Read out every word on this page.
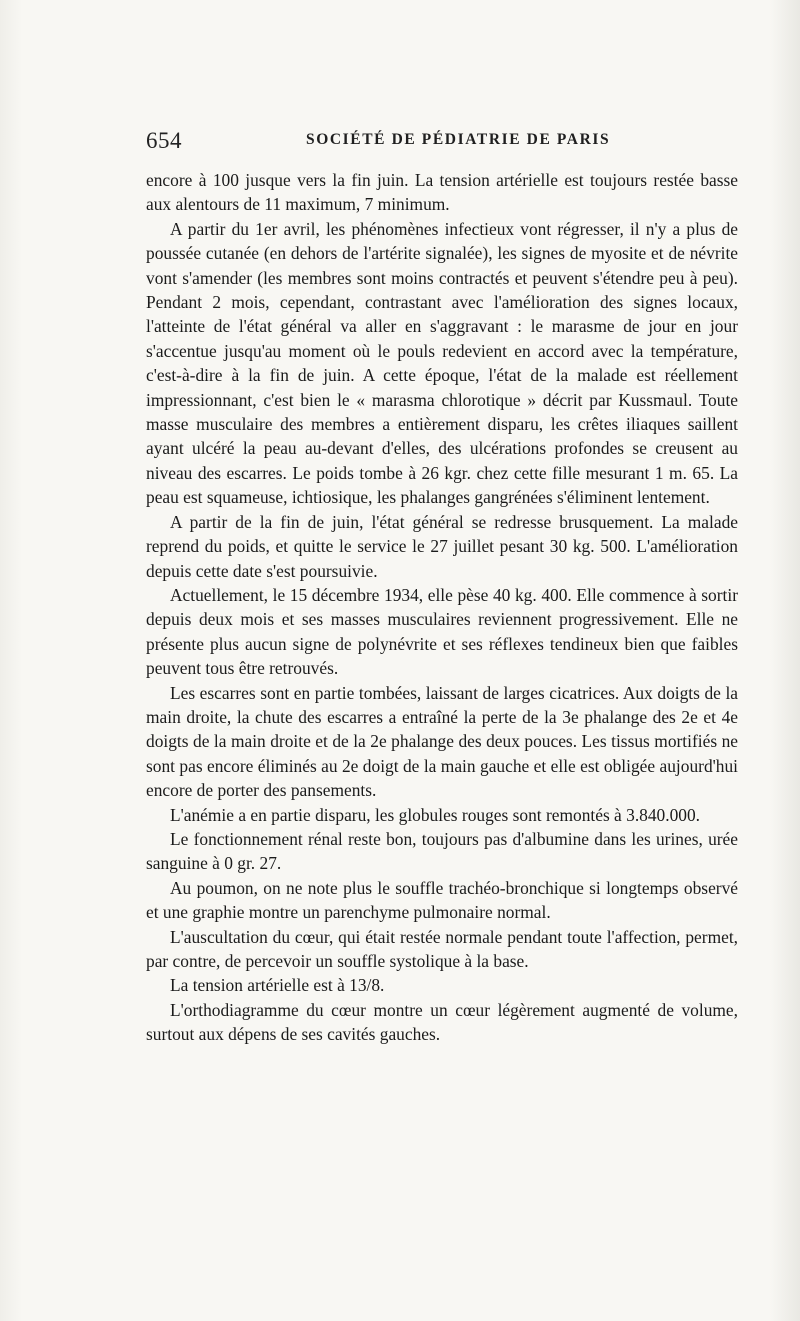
654	SOCIÉTÉ DE PÉDIATRIE DE PARIS

encore à 100 jusque vers la fin juin. La tension artérielle est toujours restée basse aux alentours de 11 maximum, 7 minimum.

A partir du 1er avril, les phénomènes infectieux vont régresser, il n'y a plus de poussée cutanée (en dehors de l'artérite signalée), les signes de myosite et de névrite vont s'amender (les membres sont moins contractés et peuvent s'étendre peu à peu). Pendant 2 mois, cependant, contrastant avec l'amélioration des signes locaux, l'atteinte de l'état général va aller en s'aggravant : le marasme de jour en jour s'accentue jusqu'au moment où le pouls redevient en accord avec la température, c'est-à-dire à la fin de juin. A cette époque, l'état de la malade est réellement impressionnant, c'est bien le « marasma chlorotique » décrit par Kussmaul. Toute masse musculaire des membres a entièrement disparu, les crêtes iliaques saillent ayant ulcéré la peau au-devant d'elles, des ulcérations profondes se creusent au niveau des escarres. Le poids tombe à 26 kgr. chez cette fille mesurant 1 m. 65. La peau est squameuse, ichtiosique, les phalanges gangrénées s'éliminent lentement.

A partir de la fin de juin, l'état général se redresse brusquement. La malade reprend du poids, et quitte le service le 27 juillet pesant 30 kg. 500. L'amélioration depuis cette date s'est poursuivie.

Actuellement, le 15 décembre 1934, elle pèse 40 kg. 400. Elle commence à sortir depuis deux mois et ses masses musculaires reviennent progressivement. Elle ne présente plus aucun signe de polynévrite et ses réflexes tendineux bien que faibles peuvent tous être retrouvés.

Les escarres sont en partie tombées, laissant de larges cicatrices. Aux doigts de la main droite, la chute des escarres a entraîné la perte de la 3e phalange des 2e et 4e doigts de la main droite et de la 2e phalange des deux pouces. Les tissus mortifiés ne sont pas encore éliminés au 2e doigt de la main gauche et elle est obligée aujourd'hui encore de porter des pansements.

L'anémie a en partie disparu, les globules rouges sont remontés à 3.840.000.

Le fonctionnement rénal reste bon, toujours pas d'albumine dans les urines, urée sanguine à 0 gr. 27.

Au poumon, on ne note plus le souffle trachéo-bronchique si longtemps observé et une graphie montre un parenchyme pulmonaire normal.

L'auscultation du cœur, qui était restée normale pendant toute l'affection, permet, par contre, de percevoir un souffle systolique à la base.

La tension artérielle est à 13/8.

L'orthodiagramme du cœur montre un cœur légèrement augmenté de volume, surtout aux dépens de ses cavités gauches.
